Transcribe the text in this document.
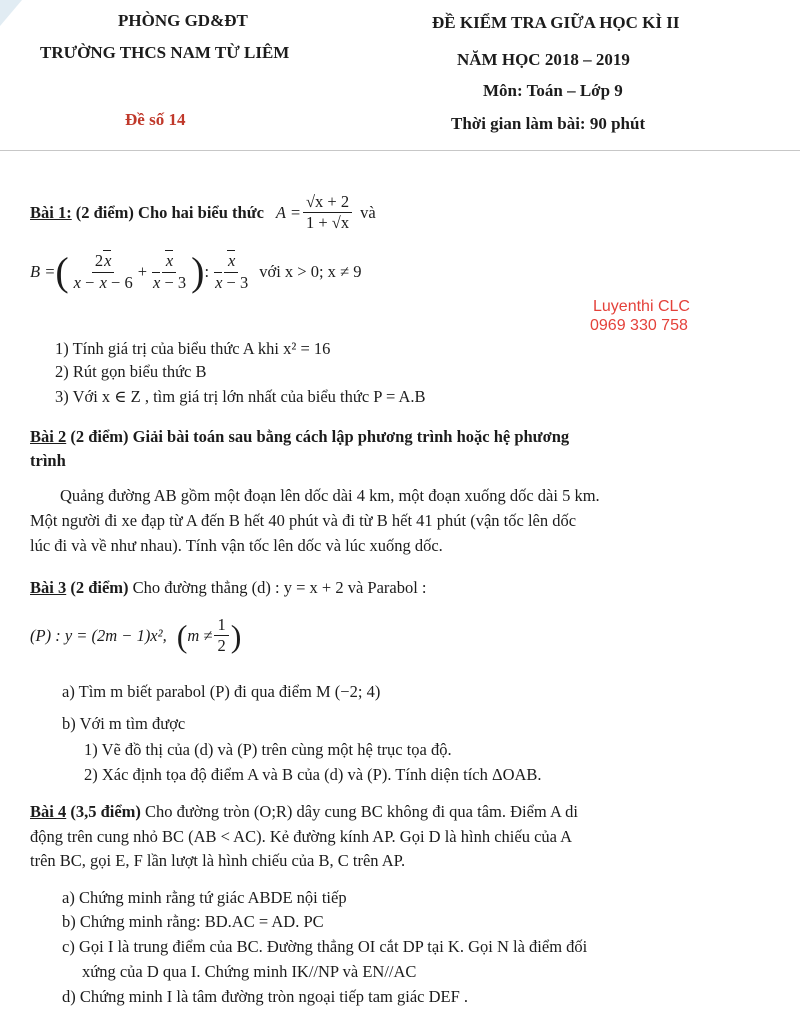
PHÒNG GD&ĐT
TRƯỜNG THCS NAM TỪ LIÊM
Đề số 14
ĐỀ KIỂM TRA GIỮA HỌC KÌ II
NĂM HỌC 2018 – 2019
Môn: Toán – Lớp 9
Thời gian làm bài: 90 phút
Bài 1: (2 điểm) Cho hai biểu thức $A = \frac{√x + 2}{1 + √x}$ và
B = ( $\frac{2x}{x - x - 6} + \frac{x}{x - 3}$ ) : $\frac{x}{x - 3}$ với x > 0; x ≠ 9
Luyenthi CLC
0969 330 758
1) Tính giá trị của biểu thức A khi x² = 16
2) Rút gọn biểu thức B
3) Với x ∈ Z , tìm giá trị lớn nhất của biểu thức P = A.B
Bài 2 (2 điểm) Giải bài toán sau bằng cách lập phương trình hoặc hệ phương
trình
Quảng đường AB gồm một đoạn lên dốc dài 4 km, một đoạn xuống dốc dài 5 km.
Một người đi xe đạp từ A đến B hết 40 phút và đi từ B hết 41 phút (vận tốc lên dốc
lúc đi và về như nhau). Tính vận tốc lên dốc và lúc xuống dốc.
Bài 3 (2 điểm) Cho đường thẳng (d) : y = x + 2 và Parabol :
(P) : y = (2m − 1)x², ( $m \ne \frac{1}{2}$ )
a) Tìm m biết parabol (P) đi qua điểm M (−2; 4)
b) Với m tìm được
1) Vẽ đồ thị của (d) và (P) trên cùng một hệ trục tọa độ.
2) Xác định tọa độ điểm A và B của (d) và (P). Tính diện tích ΔOAB.
Bài 4 (3,5 điểm) Cho đường tròn (O;R) dây cung BC không đi qua tâm. Điểm A di
động trên cung nhỏ BC (AB < AC). Kẻ đường kính AP. Gọi D là hình chiếu của A
trên BC, gọi E, F lần lượt là hình chiếu của B, C trên AP.
a) Chứng minh rằng tứ giác ABDE nội tiếp
b) Chứng minh rằng: BD.AC = AD. PC
c) Gọi I là trung điểm của BC. Đường thẳng OI cắt DP tại K. Gọi N là điểm đối
xứng của D qua I. Chứng minh IK//NP và EN//AC
d) Chứng minh I là tâm đường tròn ngoại tiếp tam giác DEF .
